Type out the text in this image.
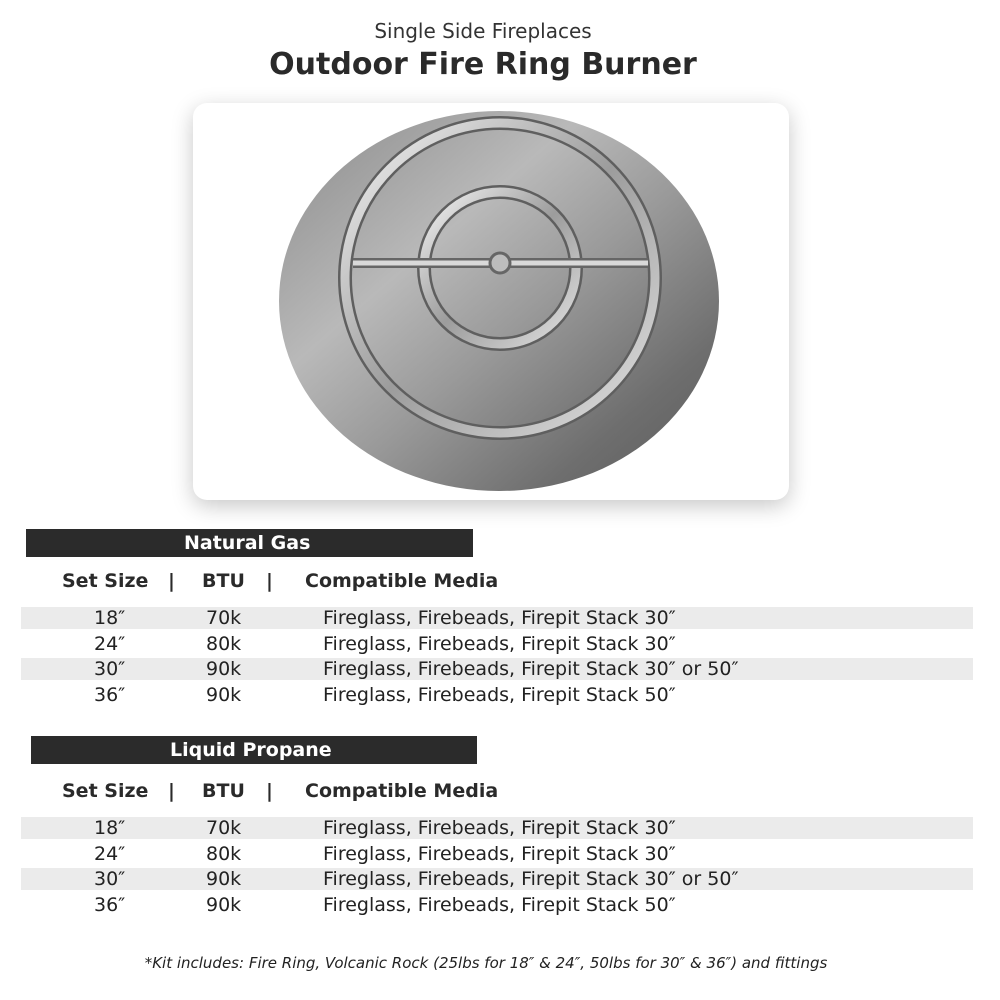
Single Side Fireplaces
Outdoor Fire Ring Burner
Natural Gas
Set Size | BTU | Compatible Media
18″	70k	Fireglass, Firebeads, Firepit Stack 30″
24″	80k	Fireglass, Firebeads, Firepit Stack 30″
30″	90k	Fireglass, Firebeads, Firepit Stack 30″ or 50″
36″	90k	Fireglass, Firebeads, Firepit Stack 50″
Liquid Propane
Set Size | BTU | Compatible Media
18″	70k	Fireglass, Firebeads, Firepit Stack 30″
24″	80k	Fireglass, Firebeads, Firepit Stack 30″
30″	90k	Fireglass, Firebeads, Firepit Stack 30″ or 50″
36″	90k	Fireglass, Firebeads, Firepit Stack 50″
*Kit includes: Fire Ring, Volcanic Rock (25lbs for 18″ & 24″, 50lbs for 30″ & 36″) and fittings
